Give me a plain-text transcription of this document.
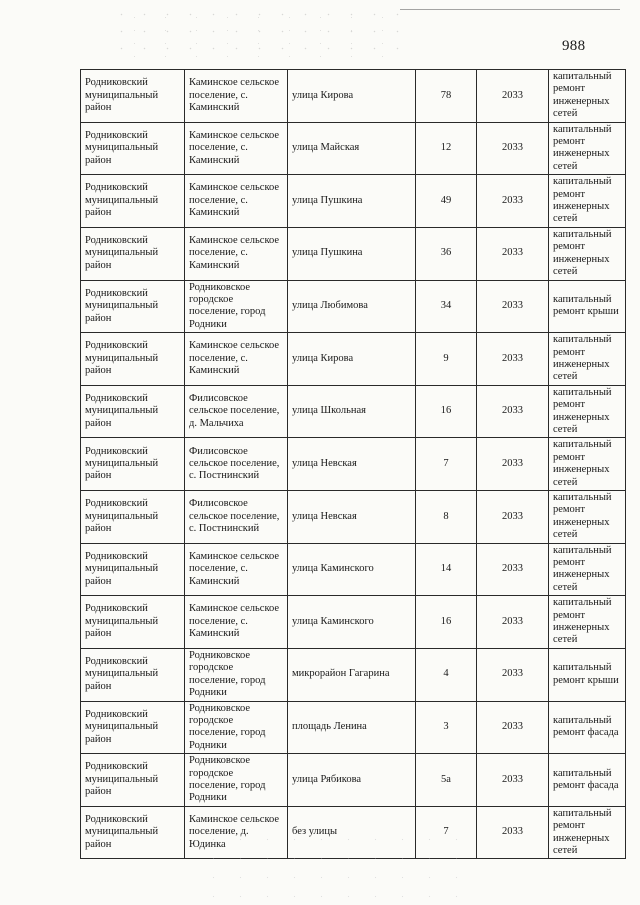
988
Родниковский муниципальный район	Каминское сельское поселение, с. Каминский	улица Кирова	78	2033	капитальный ремонт инженерных сетей
Родниковский муниципальный район	Каминское сельское поселение, с. Каминский	улица Майская	12	2033	капитальный ремонт инженерных сетей
Родниковский муниципальный район	Каминское сельское поселение, с. Каминский	улица Пушкина	49	2033	капитальный ремонт инженерных сетей
Родниковский муниципальный район	Каминское сельское поселение, с. Каминский	улица Пушкина	36	2033	капитальный ремонт инженерных сетей
Родниковский муниципальный район	Родниковское городское поселение, город Родники	улица Любимова	34	2033	капитальный ремонт крыши
Родниковский муниципальный район	Каминское сельское поселение, с. Каминский	улица Кирова	9	2033	капитальный ремонт инженерных сетей
Родниковский муниципальный район	Филисовское сельское поселение, д. Мальчиха	улица Школьная	16	2033	капитальный ремонт инженерных сетей
Родниковский муниципальный район	Филисовское сельское поселение, с. Постнинский	улица Невская	7	2033	капитальный ремонт инженерных сетей
Родниковский муниципальный район	Филисовское сельское поселение, с. Постнинский	улица Невская	8	2033	капитальный ремонт инженерных сетей
Родниковский муниципальный район	Каминское сельское поселение, с. Каминский	улица Каминского	14	2033	капитальный ремонт инженерных сетей
Родниковский муниципальный район	Каминское сельское поселение, с. Каминский	улица Каминского	16	2033	капитальный ремонт инженерных сетей
Родниковский муниципальный район	Родниковское городское поселение, город Родники	микрорайон Гагарина	4	2033	капитальный ремонт крыши
Родниковский муниципальный район	Родниковское городское поселение, город Родники	площадь Ленина	3	2033	капитальный ремонт фасада
Родниковский муниципальный район	Родниковское городское поселение, город Родники	улица Рябикова	5а	2033	капитальный ремонт фасада
Родниковский муниципальный район	Каминское сельское поселение, д. Юдинка	без улицы	7	2033	капитальный ремонт инженерных сетей
